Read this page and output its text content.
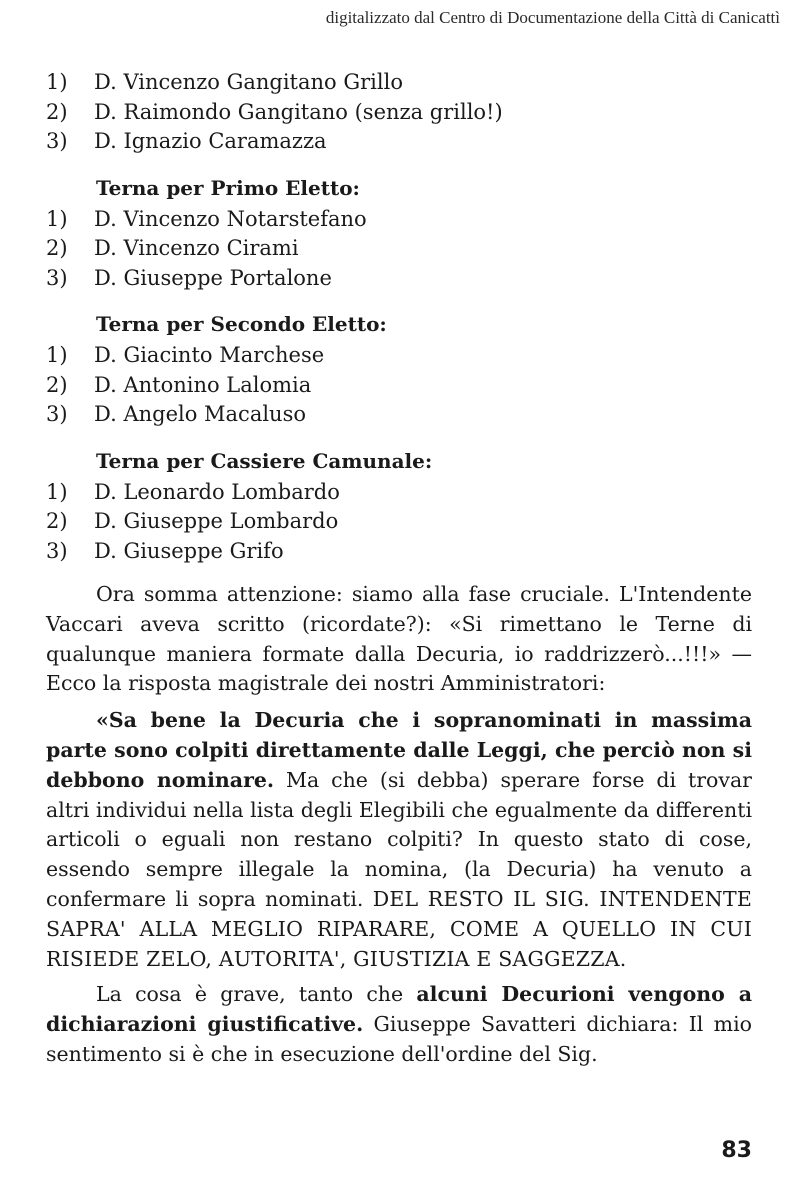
digitalizzato dal Centro di Documentazione della Città di Canicattì
1)	D. Vincenzo Gangitano Grillo
2)	D. Raimondo Gangitano (senza grillo!)
3)	D. Ignazio Caramazza
Terna per Primo Eletto:
1)	D. Vincenzo Notarstefano
2)	D. Vincenzo Cirami
3)	D. Giuseppe Portalone
Terna per Secondo Eletto:
1)	D. Giacinto Marchese
2)	D. Antonino Lalomia
3)	D. Angelo Macaluso
Terna per Cassiere Camunale:
1)	D. Leonardo Lombardo
2)	D. Giuseppe Lombardo
3)	D. Giuseppe Grifo

Ora somma attenzione: siamo alla fase cruciale. L'Intendente Vaccari aveva scritto (ricordate?): «Si rimettano le Terne di qualunque maniera formate dalla Decuria, io raddrizzerò...!!!» — Ecco la risposta magistrale dei nostri Amministratori:

«Sa bene la Decuria che i sopranominati in massima parte sono colpiti direttamente dalle Leggi, che perciò non si debbono nominare. Ma che (si debba) sperare forse di trovar altri individui nella lista degli Elegibili che egualmente da differenti articoli o eguali non restano colpiti? In questo stato di cose, essendo sempre illegale la nomina, (la Decuria) ha venuto a confermare li sopra nominati. DEL RESTO IL SIG. INTENDENTE SAPRA' ALLA MEGLIO RIPARARE, COME A QUELLO IN CUI RISIEDE ZELO, AUTORITA', GIUSTIZIA E SAGGEZZA.

La cosa è grave, tanto che alcuni Decurioni vengono a dichiarazioni giustificative. Giuseppe Savatteri dichiara: Il mio sentimento si è che in esecuzione dell'ordine del Sig.

83
